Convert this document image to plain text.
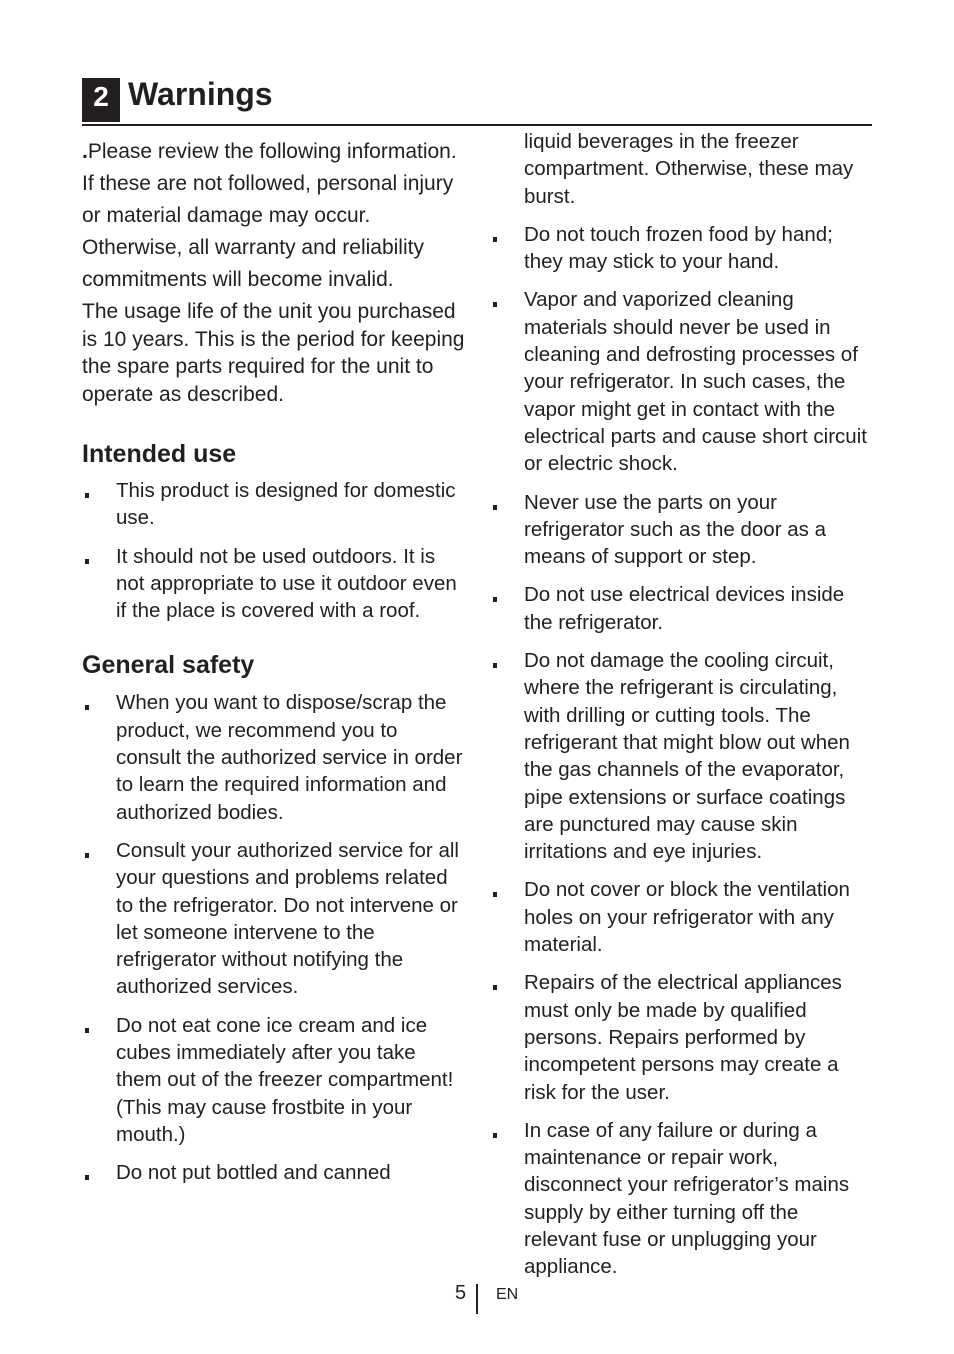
2 Warnings

.Please review the following information. If these are not followed, personal injury or material damage may occur. Otherwise, all warranty and reliability commitments will become invalid.

The usage life of the unit you purchased is 10 years. This is the period for keeping the spare parts required for the unit to operate as described.

Intended use
This product is designed for domestic use.
It should not be used outdoors. It is not appropriate to use it outdoor even if the place is covered with a roof.
General safety
When you want to dispose/scrap the product, we recommend you to consult the authorized service in order to learn the required information and authorized bodies.
Consult your authorized service for all your questions and problems related to the refrigerator. Do not intervene or let someone intervene to the refrigerator without notifying the authorized services.
Do not eat cone ice cream and ice cubes immediately after you take them out of the freezer compartment! (This may cause frostbite in your mouth.)
Do not put bottled and canned
liquid beverages in the freezer compartment. Otherwise, these may burst.
Do not touch frozen food by hand; they may stick to your hand.
Vapor and vaporized cleaning materials should never be used in cleaning and defrosting processes of your refrigerator. In such cases, the vapor might get in contact with the electrical parts and cause short circuit or electric shock.
Never use the parts on your refrigerator such as the door as a means of support or step.
Do not use electrical devices inside the refrigerator.
Do not damage the cooling circuit, where the refrigerant is circulating, with drilling or cutting tools. The refrigerant that might blow out when the gas channels of the evaporator, pipe extensions or surface coatings are punctured may cause skin irritations and eye injuries.
Do not cover or block the ventilation holes on your refrigerator with any material.
Repairs of the electrical appliances must only be made by qualified persons. Repairs performed by incompetent persons may create a risk for the user.
In case of any failure or during a maintenance or repair work, disconnect your refrigerator’s mains supply by either turning off the relevant fuse or unplugging your appliance.
5 EN
